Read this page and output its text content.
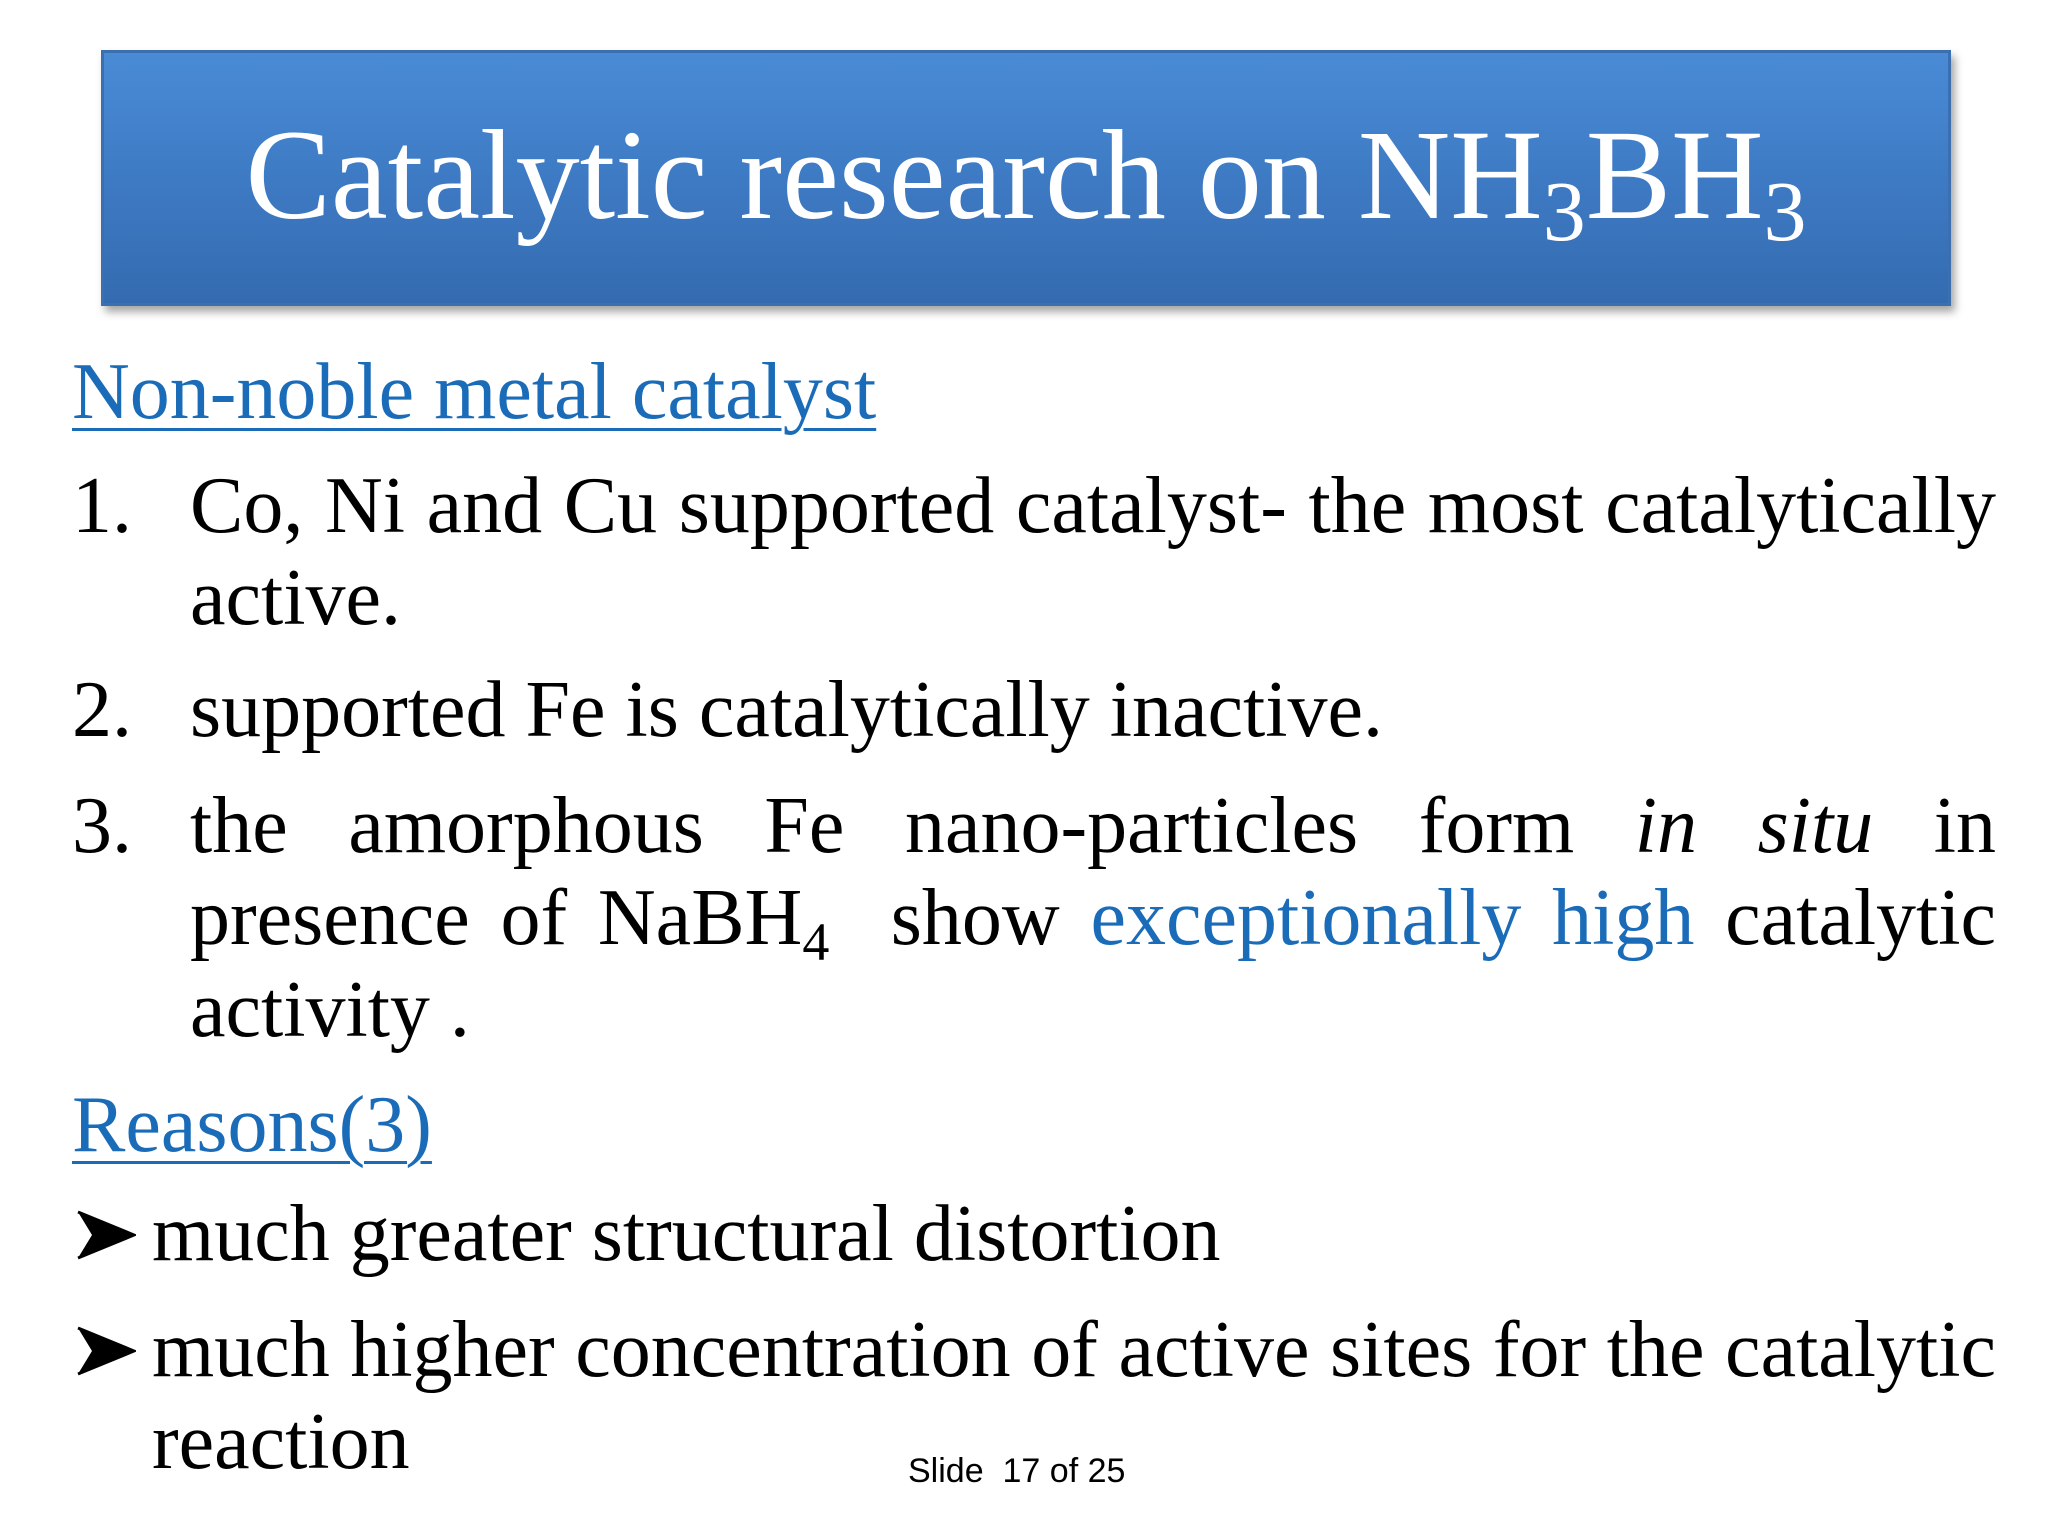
Catalytic research on $NH_3BH_3$
Non-noble metal catalyst
1. Co, Ni and Cu supported catalyst- the most catalytically active.
2. supported Fe is catalytically inactive.
3. the amorphous Fe nano-particles form in situ in presence of NaBH$_4$  show exceptionally high catalytic activity .
Reasons(3)
much greater structural distortion
much higher concentration of active sites for the catalytic reaction	Slide 17 of 25
